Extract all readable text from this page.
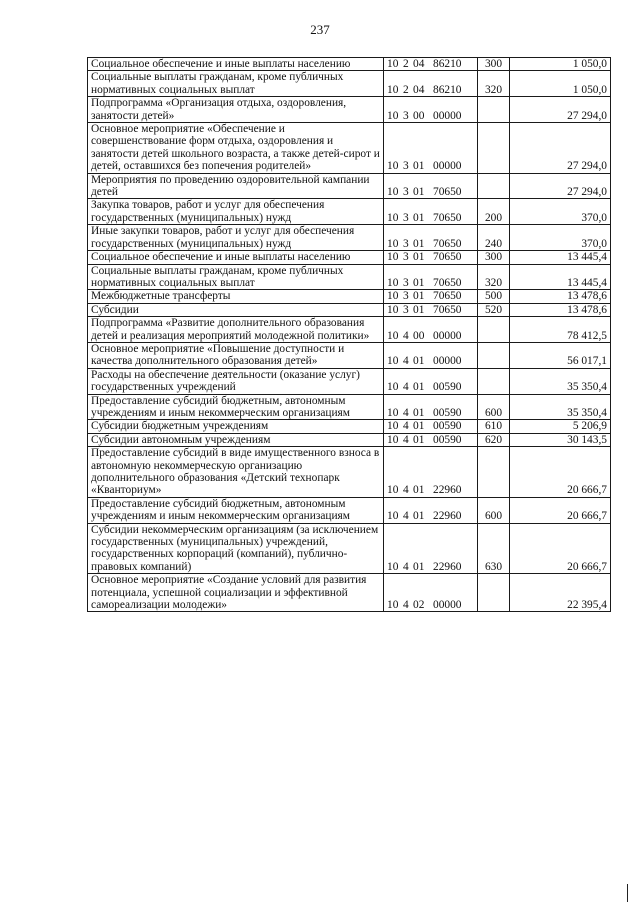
237
Социальное обеспечение и иные выплаты населению	10 2 04 86210	300	1 050,0
Социальные выплаты гражданам, кроме публичных нормативных социальных выплат	10 2 04 86210	320	1 050,0
Подпрограмма «Организация отдыха, оздоровления, занятости детей»	10 3 00 00000		27 294,0
Основное мероприятие «Обеспечение и совершенствование форм отдыха, оздоровления и занятости детей школьного возраста, а также детей-сирот и детей, оставшихся без попечения родителей»	10 3 01 00000		27 294,0
Мероприятия по проведению оздоровительной кампании детей	10 3 01 70650		27 294,0
Закупка товаров, работ и услуг для обеспечения государственных (муниципальных) нужд	10 3 01 70650	200	370,0
Иные закупки товаров, работ и услуг для обеспечения государственных (муниципальных) нужд	10 3 01 70650	240	370,0
Социальное обеспечение и иные выплаты населению	10 3 01 70650	300	13 445,4
Социальные выплаты гражданам, кроме публичных нормативных социальных выплат	10 3 01 70650	320	13 445,4
Межбюджетные трансферты	10 3 01 70650	500	13 478,6
Субсидии	10 3 01 70650	520	13 478,6
Подпрограмма «Развитие дополнительного образования детей и реализация мероприятий молодежной политики»	10 4 00 00000		78 412,5
Основное мероприятие «Повышение доступности и качества дополнительного образования детей»	10 4 01 00000		56 017,1
Расходы на обеспечение деятельности (оказание услуг) государственных учреждений	10 4 01 00590		35 350,4
Предоставление субсидий бюджетным, автономным учреждениям и иным некоммерческим организациям	10 4 01 00590	600	35 350,4
Субсидии бюджетным учреждениям	10 4 01 00590	610	5 206,9
Субсидии автономным учреждениям	10 4 01 00590	620	30 143,5
Предоставление субсидий в виде имущественного взноса в автономную некоммерческую организацию дополнительного образования «Детский технопарк «Кванториум»	10 4 01 22960		20 666,7
Предоставление субсидий бюджетным, автономным учреждениям и иным некоммерческим организациям	10 4 01 22960	600	20 666,7
Субсидии некоммерческим организациям (за исключением государственных (муниципальных) учреждений, государственных корпораций (компаний), публично-правовых компаний)	10 4 01 22960	630	20 666,7
Основное мероприятие «Создание условий для развития потенциала, успешной социализации и эффективной самореализации молодежи»	10 4 02 00000		22 395,4
